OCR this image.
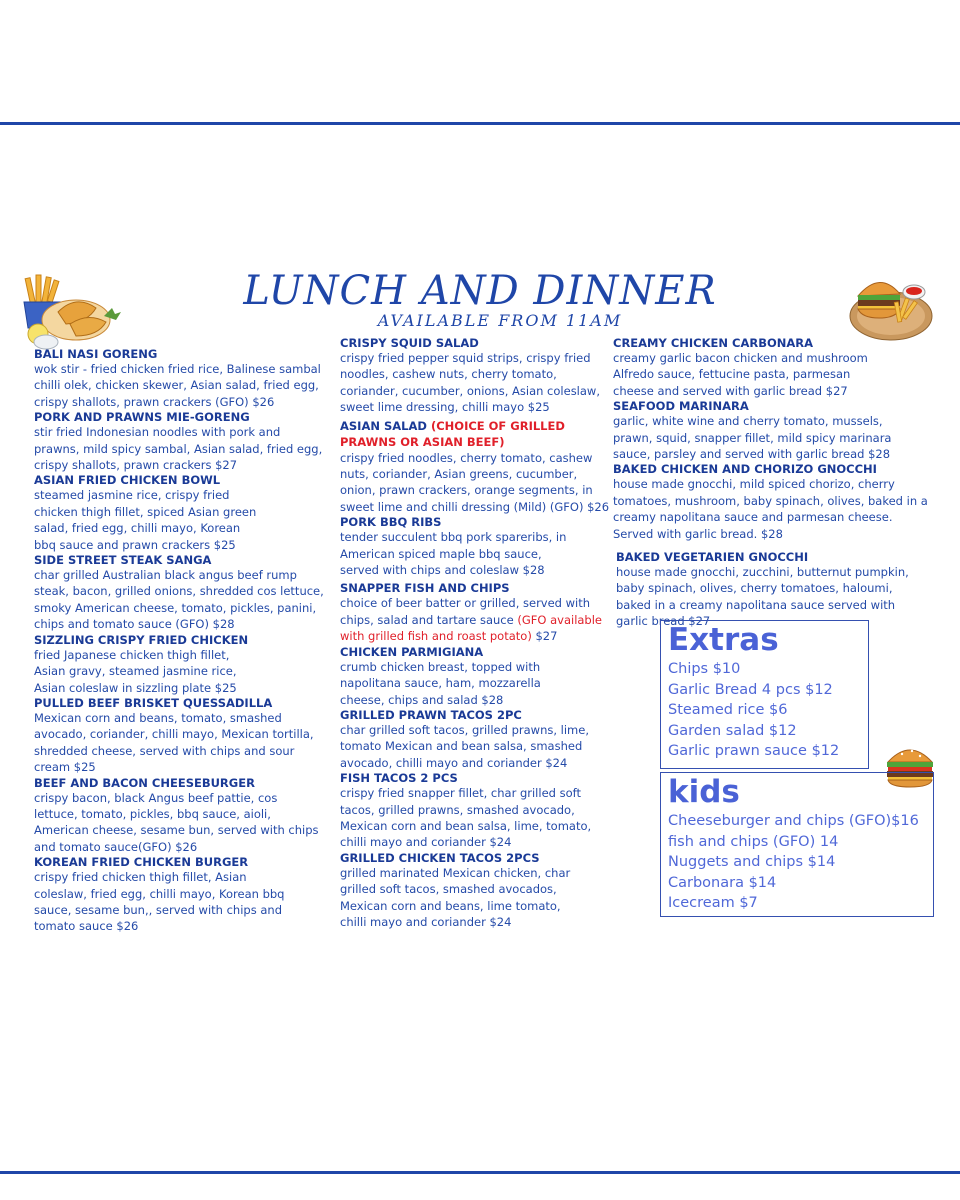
LUNCH AND DINNER
AVAILABLE FROM 11AM
BALI NASI GORENG
wok stir - fried chicken fried rice, Balinese sambal chilli olek, chicken skewer, Asian salad, fried egg, crispy shallots, prawn crackers (GFO) $26
PORK AND PRAWNS MIE-GORENG
stir fried Indonesian noodles with pork and prawns, mild spicy sambal, Asian salad, fried egg, crispy shallots, prawn crackers $27
ASIAN FRIED CHICKEN BOWL
steamed jasmine rice, crispy fried chicken thigh fillet, spiced Asian green salad, fried egg, chilli mayo, Korean bbq sauce and prawn crackers $25
SIDE STREET STEAK SANGA
char grilled Australian black angus beef rump steak, bacon, grilled onions, shredded cos lettuce, smoky American cheese, tomato, pickles, panini, chips and tomato sauce (GFO) $28
SIZZLING CRISPY FRIED CHICKEN
fried Japanese chicken thigh fillet, Asian gravy, steamed jasmine rice, Asian coleslaw in sizzling plate $25
PULLED BEEF BRISKET QUESSADILLA
Mexican corn and beans, tomato, smashed avocado, coriander, chilli mayo, Mexican tortilla, shredded cheese, served with chips and sour cream $25
BEEF AND BACON CHEESEBURGER
crispy bacon, black Angus beef pattie, cos lettuce, tomato, pickles, bbq sauce, aioli, American cheese, sesame bun, served with chips and tomato sauce(GFO) $26
KOREAN FRIED CHICKEN BURGER
crispy fried chicken thigh fillet, Asian coleslaw, fried egg, chilli mayo, Korean bbq sauce, sesame bun,, served with chips and tomato sauce $26
CRISPY SQUID SALAD
crispy fried pepper squid strips, crispy fried noodles, cashew nuts, cherry tomato, coriander, cucumber, onions, Asian coleslaw, sweet lime dressing, chilli mayo $25
ASIAN SALAD (CHOICE OF GRILLED PRAWNS OR ASIAN BEEF)
crispy fried noodles, cherry tomato, cashew nuts, coriander, Asian greens, cucumber, onion, prawn crackers, orange segments, in sweet lime and chilli dressing (Mild) (GFO) $26
PORK BBQ RIBS
tender succulent bbq pork spareribs, in American spiced maple bbq sauce, served with chips and coleslaw $28
SNAPPER FISH AND CHIPS
choice of beer batter or grilled, served with chips, salad and tartare sauce (GFO available with grilled fish and roast potato) $27
CHICKEN PARMIGIANA
crumb chicken breast, topped with napolitana sauce, ham, mozzarella cheese, chips and salad $28
GRILLED PRAWN TACOS 2PC
char grilled soft tacos, grilled prawns, lime, tomato Mexican and bean salsa, smashed avocado, chilli mayo and coriander $24
FISH TACOS 2 PCS
crispy fried snapper fillet, char grilled soft tacos, grilled prawns, smashed avocado, Mexican corn and bean salsa, lime, tomato, chilli mayo and coriander $24
GRILLED CHICKEN TACOS 2PCS
grilled marinated Mexican chicken, char grilled soft tacos, smashed avocados, Mexican corn and beans, lime tomato, chilli mayo and coriander $24
CREAMY CHICKEN CARBONARA
creamy garlic bacon chicken and mushroom Alfredo sauce, fettucine pasta, parmesan cheese and served with garlic bread $27
SEAFOOD MARINARA
garlic, white wine and cherry tomato, mussels, prawn, squid, snapper fillet, mild spicy marinara sauce, parsley and served with garlic bread $28
BAKED CHICKEN AND CHORIZO GNOCCHI
house made gnocchi, mild spiced chorizo, cherry tomatoes, mushroom, baby spinach, olives, baked in a creamy napolitana sauce and parmesan cheese. Served with garlic bread. $28
BAKED VEGETARIEN GNOCCHI
house made gnocchi, zucchini, butternut pumpkin, baby spinach, olives, cherry tomatoes, haloumi, baked in a creamy napolitana sauce served with garlic bread $27
Extras
Chips $10
Garlic Bread 4 pcs $12
Steamed rice $6
Garden salad $12
Garlic prawn sauce $12
kids
Cheeseburger and chips (GFO)$16
fish and chips (GFO) 14
Nuggets and chips $14
Carbonara $14
Icecream $7
